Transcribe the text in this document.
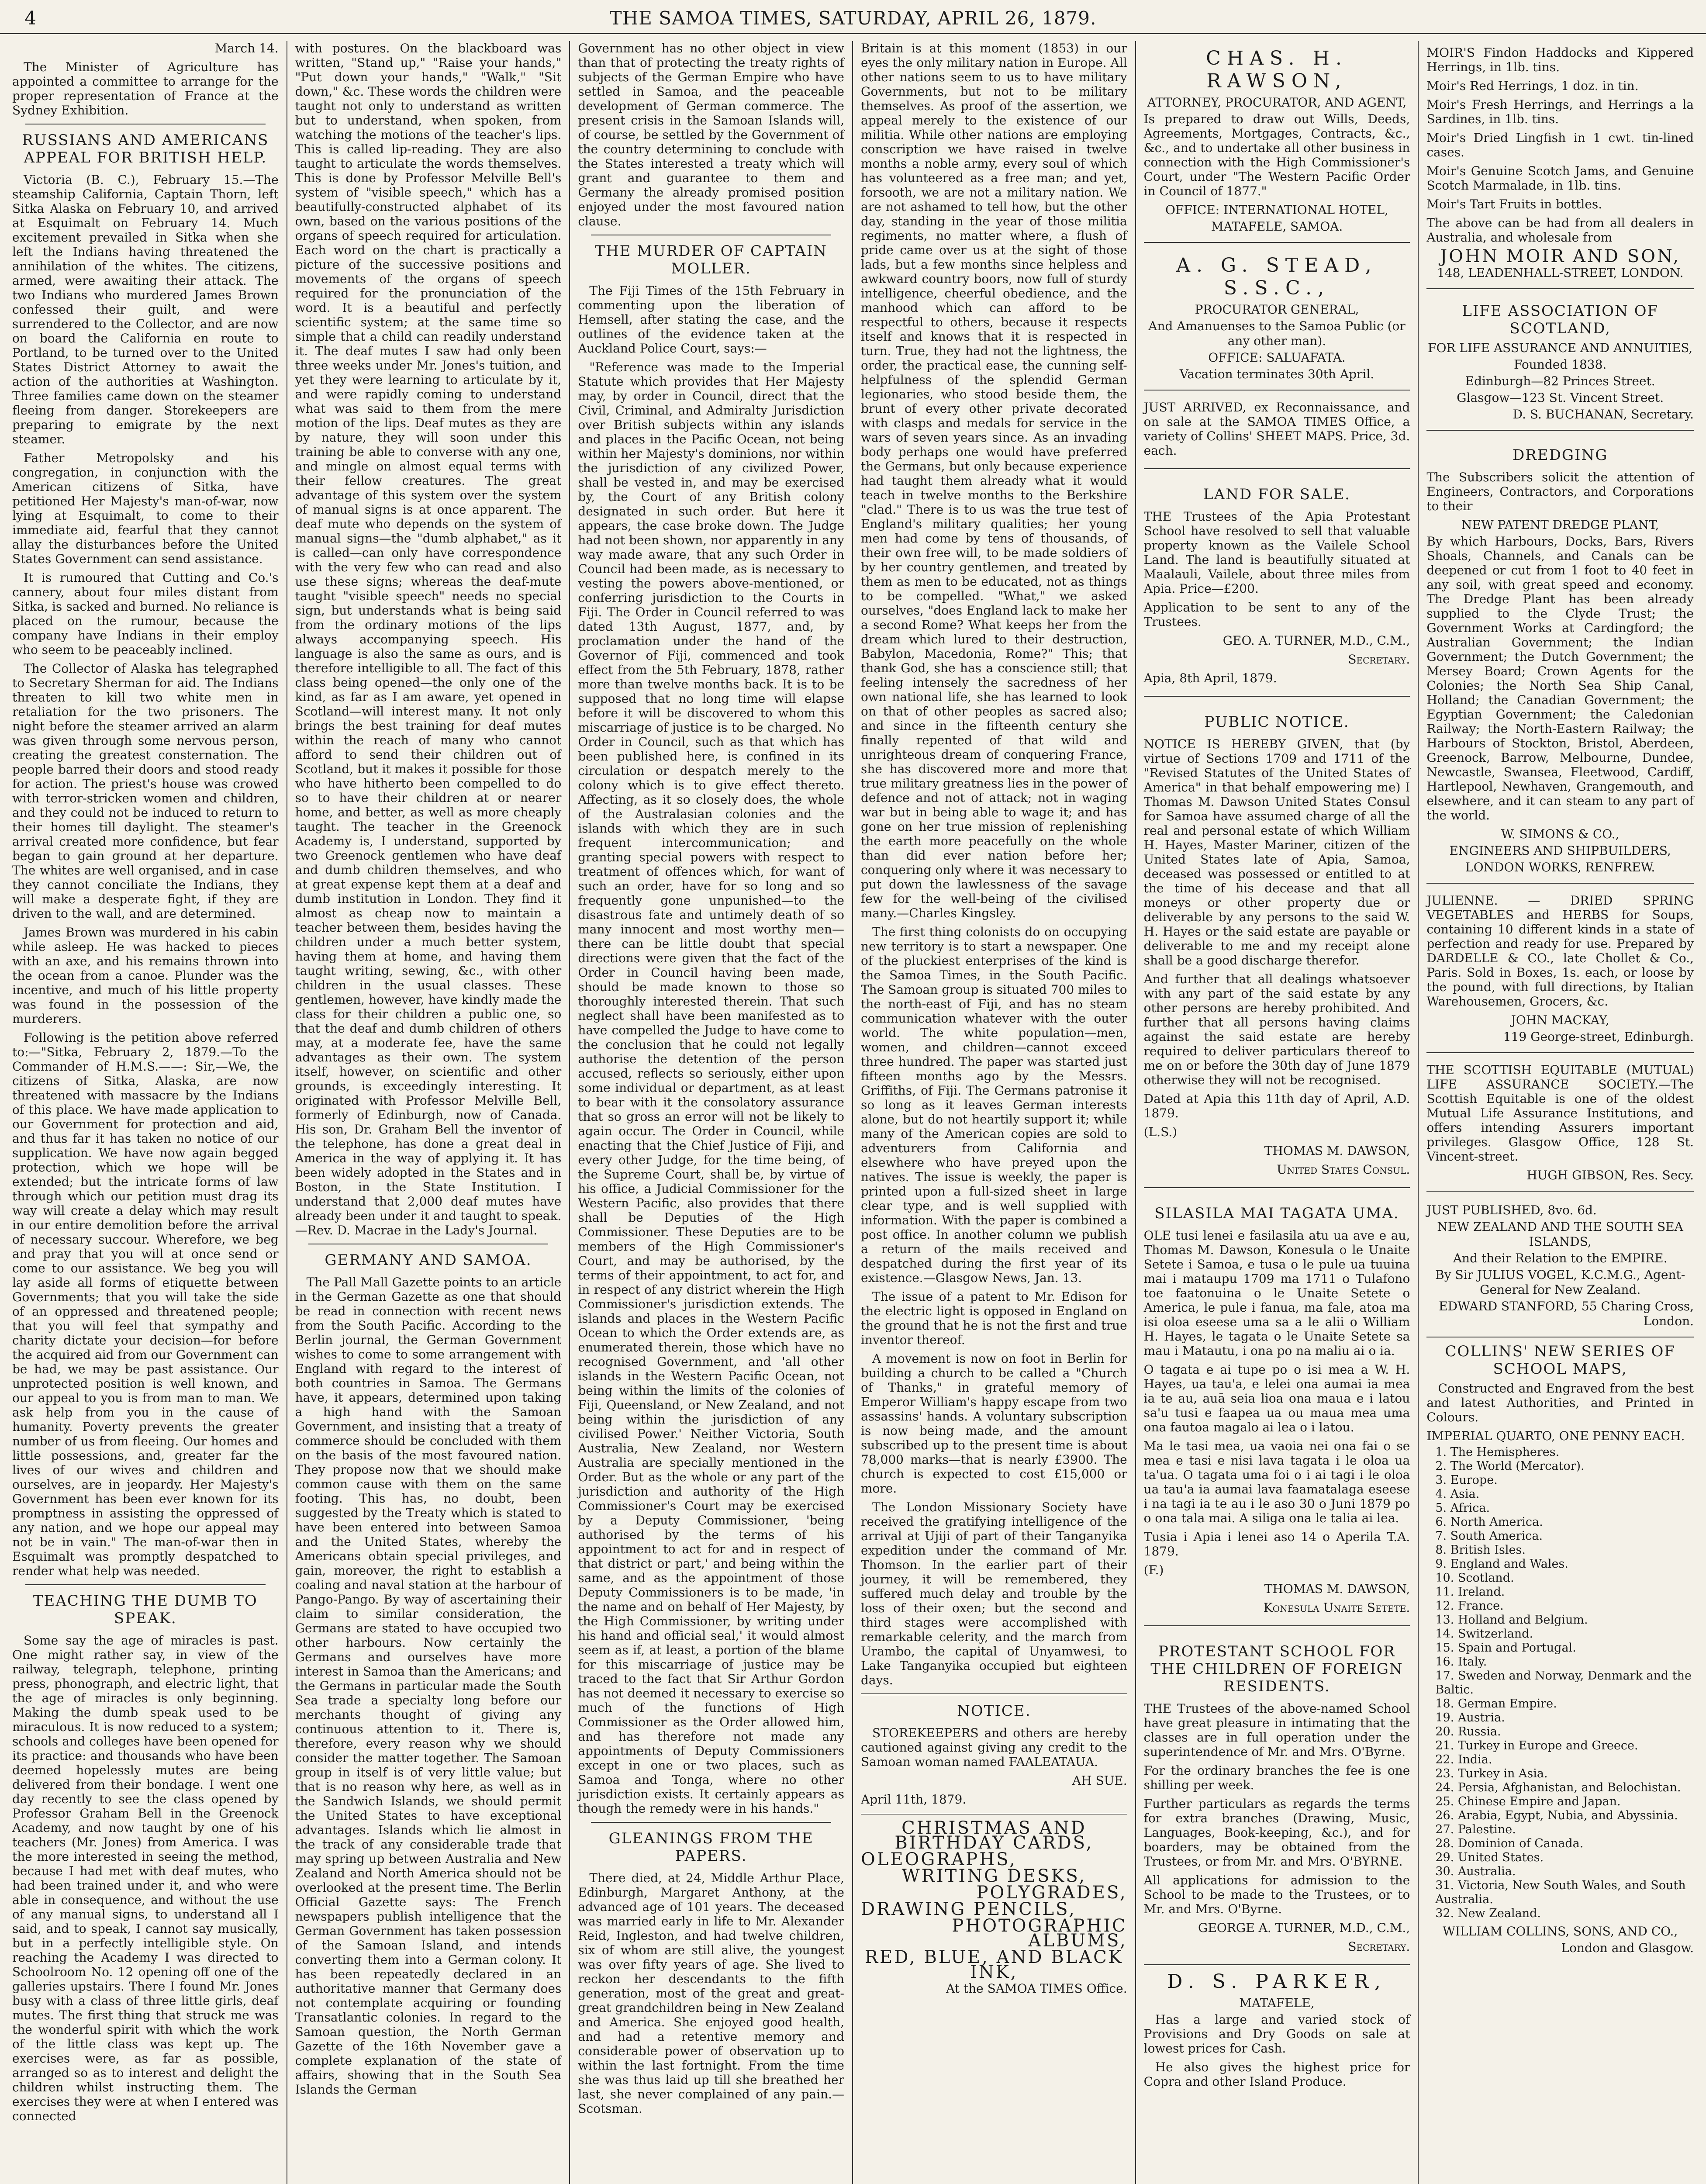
4	THE SAMOA TIMES, SATURDAY, APRIL 26, 1879.

March 14.

The Minister of Agriculture has appointed a committee to arrange for the proper representation of France at the Sydney Exhibition.

RUSSIANS AND AMERICANS APPEAL FOR BRITISH HELP.

Victoria (B. C.), February 15.—The steamship California, Captain Thorn, left Sitka Alaska on February 10, and arrived at Esquimalt on February 14. Much excitement prevailed in Sitka when she left the Indians having threatened the annihilation of the whites. The citizens, armed, were awaiting their attack. The two Indians who murdered James Brown confessed their guilt, and were surrendered to the Collector, and are now on board the California en route to Portland, to be turned over to the United States District Attorney to await the action of the authorities at Washington. Three families came down on the steamer fleeing from danger. Storekeepers are preparing to emigrate by the next steamer.

Father Metropolsky and his congregation, in conjunction with the American citizens of Sitka, have petitioned Her Majesty's man-of-war, now lying at Esquimalt, to come to their immediate aid, fearful that they cannot allay the disturbances before the United States Government can send assistance.

It is rumoured that Cutting and Co.'s cannery, about four miles distant from Sitka, is sacked and burned. No reliance is placed on the rumour, because the company have Indians in their employ who seem to be peaceably inclined.

The Collector of Alaska has telegraphed to Secretary Sherman for aid. The Indians threaten to kill two white men in retaliation for the two prisoners. The night before the steamer arrived an alarm was given through some nervous person, creating the greatest consternation. The people barred their doors and stood ready for action. The priest's house was crowed with terror-stricken women and children, and they could not be induced to return to their homes till daylight. The steamer's arrival created more confidence, but fear began to gain ground at her departure. The whites are well organised, and in case they cannot conciliate the Indians, they will make a desperate fight, if they are driven to the wall, and are determined.

James Brown was murdered in his cabin while asleep. He was hacked to pieces with an axe, and his remains thrown into the ocean from a canoe. Plunder was the incentive, and much of his little property was found in the possession of the murderers.

Following is the petition above referred to:—"Sitka, February 2, 1879.—To the Commander of H.M.S.——: Sir,—We, the citizens of Sitka, Alaska, are now threatened with massacre by the Indians of this place. We have made application to our Government for protection and aid, and thus far it has taken no notice of our supplication. We have now again begged protection, which we hope will be extended; but the intricate forms of law through which our petition must drag its way will create a delay which may result in our entire demolition before the arrival of necessary succour. Wherefore, we beg and pray that you will at once send or come to our assistance. We beg you will lay aside all forms of etiquette between Governments; that you will take the side of an oppressed and threatened people; that you will feel that sympathy and charity dictate your decision—for before the acquired aid from our Government can be had, we may be past assistance. Our unprotected position is well known, and our appeal to you is from man to man. We ask help from you in the cause of humanity. Poverty prevents the greater number of us from fleeing. Our homes and little possessions, and, greater far the lives of our wives and children and ourselves, are in jeopardy. Her Majesty's Government has been ever known for its promptness in assisting the oppressed of any nation, and we hope our appeal may not be in vain." The man-of-war then in Esquimalt was promptly despatched to render what help was needed.

TEACHING THE DUMB TO SPEAK.

Some say the age of miracles is past. One might rather say, in view of the railway, telegraph, telephone, printing press, phonograph, and electric light, that the age of miracles is only beginning. Making the dumb speak used to be miraculous. It is now reduced to a system; schools and colleges have been opened for its practice: and thousands who have been deemed hopelessly mutes are being delivered from their bondage. I went one day recently to see the class opened by Professor Graham Bell in the Greenock Academy, and now taught by one of his teachers (Mr. Jones) from America. I was the more interested in seeing the method, because I had met with deaf mutes, who had been trained under it, and who were able in consequence, and without the use of any manual signs, to understand all I said, and to speak, I cannot say musically, but in a perfectly intelligible style. On reaching the Academy I was directed to Schoolroom No. 12 opening off one of the galleries upstairs. There I found Mr. Jones busy with a class of three little girls, deaf mutes. The first thing that struck me was the wonderful spirit with which the work of the little class was kept up. The exercises were, as far as possible, arranged so as to interest and delight the children whilst instructing them. The exercises they were at when I entered was connected

with postures. On the blackboard was written, "Stand up," "Raise your hands," "Put down your hands," "Walk," "Sit down," &c. These words the children were taught not only to understand as written but to understand, when spoken, from watching the motions of the teacher's lips. This is called lip-reading. They are also taught to articulate the words themselves. This is done by Professor Melville Bell's system of "visible speech," which has a beautifully-constructed alphabet of its own, based on the various positions of the organs of speech required for articulation. Each word on the chart is practically a picture of the successive positions and movements of the organs of speech required for the pronunciation of the word. It is a beautiful and perfectly scientific system; at the same time so simple that a child can readily understand it. The deaf mutes I saw had only been three weeks under Mr. Jones's tuition, and yet they were learning to articulate by it, and were rapidly coming to understand what was said to them from the mere motion of the lips. Deaf mutes as they are by nature, they will soon under this training be able to converse with any one, and mingle on almost equal terms with their fellow creatures. The great advantage of this system over the system of manual signs is at once apparent. The deaf mute who depends on the system of manual signs—the "dumb alphabet," as it is called—can only have correspondence with the very few who can read and also use these signs; whereas the deaf-mute taught "visible speech" needs no special sign, but understands what is being said from the ordinary motions of the lips always accompanying speech. His language is also the same as ours, and is therefore intelligible to all. The fact of this class being opened—the only one of the kind, as far as I am aware, yet opened in Scotland—will interest many. It not only brings the best training for deaf mutes within the reach of many who cannot afford to send their children out of Scotland, but it makes it possible for those who have hitherto been compelled to do so to have their children at or nearer home, and better, as well as more cheaply taught. The teacher in the Greenock Academy is, I understand, supported by two Greenock gentlemen who have deaf and dumb children themselves, and who at great expense kept them at a deaf and dumb institution in London. They find it almost as cheap now to maintain a teacher between them, besides having the children under a much better system, having them at home, and having them taught writing, sewing, &c., with other children in the usual classes. These gentlemen, however, have kindly made the class for their children a public one, so that the deaf and dumb children of others may, at a moderate fee, have the same advantages as their own. The system itself, however, on scientific and other grounds, is exceedingly interesting. It originated with Professor Melville Bell, formerly of Edinburgh, now of Canada. His son, Dr. Graham Bell the inventor of the telephone, has done a great deal in America in the way of applying it. It has been widely adopted in the States and in Boston, in the State Institution. I understand that 2,000 deaf mutes have already been under it and taught to speak.—Rev. D. Macrae in the Lady's Journal.

GERMANY AND SAMOA.

The Pall Mall Gazette points to an article in the German Gazette as one that should be read in connection with recent news from the South Pacific. According to the Berlin journal, the German Government wishes to come to some arrangement with England with regard to the interest of both countries in Samoa. The Germans have, it appears, determined upon taking a high hand with the Samoan Government, and insisting that a treaty of commerce should be concluded with them on the basis of the most favoured nation. They propose now that we should make common cause with them on the same footing. This has, no doubt, been suggested by the Treaty which is stated to have been entered into between Samoa and the United States, whereby the Americans obtain special privileges, and gain, moreover, the right to establish a coaling and naval station at the harbour of Pango-Pango. By way of ascertaining their claim to similar consideration, the Germans are stated to have occupied two other harbours. Now certainly the Germans and ourselves have more interest in Samoa than the Americans; and the Germans in particular made the South Sea trade a specialty long before our merchants thought of giving any continuous attention to it. There is, therefore, every reason why we should consider the matter together. The Samoan group in itself is of very little value; but that is no reason why here, as well as in the Sandwich Islands, we should permit the United States to have exceptional advantages. Islands which lie almost in the track of any considerable trade that may spring up between Australia and New Zealand and North America should not be overlooked at the present time. The Berlin Official Gazette says: The French newspapers publish intelligence that the German Government has taken possession of the Samoan Island, and intends converting them into a German colony. It has been repeatedly declared in an authoritative manner that Germany does not contemplate acquiring or founding Transatlantic colonies. In regard to the Samoan question, the North German Gazette of the 16th November gave a complete explanation of the state of affairs, showing that in the South Sea Islands the German

Government has no other object in view than that of protecting the treaty rights of subjects of the German Empire who have settled in Samoa, and the peaceable development of German commerce. The present crisis in the Samoan Islands will, of course, be settled by the Government of the country determining to conclude with the States interested a treaty which will grant and guarantee to them and Germany the already promised position enjoyed under the most favoured nation clause.

THE MURDER OF CAPTAIN MOLLER.

The Fiji Times of the 15th February in commenting upon the liberation of Hemsell, after stating the case, and the outlines of the evidence taken at the Auckland Police Court, says:—

"Reference was made to the Imperial Statute which provides that Her Majesty may, by order in Council, direct that the Civil, Criminal, and Admiralty Jurisdiction over British subjects within any islands and places in the Pacific Ocean, not being within her Majesty's dominions, nor within the jurisdiction of any civilized Power, shall be vested in, and may be exercised by, the Court of any British colony designated in such order. But here it appears, the case broke down. The Judge had not been shown, nor apparently in any way made aware, that any such Order in Council had been made, as is necessary to vesting the powers above-mentioned, or conferring jurisdiction to the Courts in Fiji. The Order in Council referred to was dated 13th August, 1877, and, by proclamation under the hand of the Governor of Fiji, commenced and took effect from the 5th February, 1878, rather more than twelve months back. It is to be supposed that no long time will elapse before it will be discovered to whom this miscarriage of justice is to be charged. No Order in Council, such as that which has been published here, is confined in its circulation or despatch merely to the colony which is to give effect thereto. Affecting, as it so closely does, the whole of the Australasian colonies and the islands with which they are in such frequent intercommunication; and granting special powers with respect to treatment of offences which, for want of such an order, have for so long and so frequently gone unpunished—to the disastrous fate and untimely death of so many innocent and most worthy men—there can be little doubt that special directions were given that the fact of the Order in Council having been made, should be made known to those so thoroughly interested therein. That such neglect shall have been manifested as to have compelled the Judge to have come to the conclusion that he could not legally authorise the detention of the person accused, reflects so seriously, either upon some individual or department, as at least to bear with it the consolatory assurance that so gross an error will not be likely to again occur. The Order in Council, while enacting that the Chief Justice of Fiji, and every other Judge, for the time being, of the Supreme Court, shall be, by virtue of his office, a Judicial Commissioner for the Western Pacific, also provides that there shall be Deputies of the High Commissioner. These Deputies are to be members of the High Commissioner's Court, and may be authorised, by the terms of their appointment, to act for, and in respect of any district wherein the High Commissioner's jurisdiction extends. The islands and places in the Western Pacific Ocean to which the Order extends are, as enumerated therein, those which have no recognised Government, and 'all other islands in the Western Pacific Ocean, not being within the limits of the colonies of Fiji, Queensland, or New Zealand, and not being within the jurisdiction of any civilised Power.' Neither Victoria, South Australia, New Zealand, nor Western Australia are specially mentioned in the Order. But as the whole or any part of the jurisdiction and authority of the High Commissioner's Court may be exercised by a Deputy Commissioner, 'being authorised by the terms of his appointment to act for and in respect of that district or part,' and being within the same, and as the appointment of those Deputy Commissioners is to be made, 'in the name and on behalf of Her Majesty, by the High Commissioner, by writing under his hand and official seal,' it would almost seem as if, at least, a portion of the blame for this miscarriage of justice may be traced to the fact that Sir Arthur Gordon has not deemed it necessary to exercise so much of the functions of High Commissioner as the Order allowed him, and has therefore not made any appointments of Deputy Commissioners except in one or two places, such as Samoa and Tonga, where no other jurisdiction exists. It certainly appears as though the remedy were in his hands."

GLEANINGS FROM THE PAPERS.

There died, at 24, Middle Arthur Place, Edinburgh, Margaret Anthony, at the advanced age of 101 years. The deceased was married early in life to Mr. Alexander Reid, Ingleston, and had twelve children, six of whom are still alive, the youngest was over fifty years of age. She lived to reckon her descendants to the fifth generation, most of the great and great-great grandchildren being in New Zealand and America. She enjoyed good health, and had a retentive memory and considerable power of observation up to within the last fortnight. From the time she was thus laid up till she breathed her last, she never complained of any pain.—Scotsman.

Britain is at this moment (1853) in our eyes the only military nation in Europe. All other nations seem to us to have military Governments, but not to be military themselves. As proof of the assertion, we appeal merely to the existence of our militia. While other nations are employing conscription we have raised in twelve months a noble army, every soul of which has volunteered as a free man; and yet, forsooth, we are not a military nation. We are not ashamed to tell how, but the other day, standing in the year of those militia regiments, no matter where, a flush of pride came over us at the sight of those lads, but a few months since helpless and awkward country boors, now full of sturdy intelligence, cheerful obedience, and the manhood which can afford to be respectful to others, because it respects itself and knows that it is respected in turn. True, they had not the lightness, the order, the practical ease, the cunning self-helpfulness of the splendid German legionaries, who stood beside them, the brunt of every other private decorated with clasps and medals for service in the wars of seven years since. As an invading body perhaps one would have preferred the Germans, but only because experience had taught them already what it would teach in twelve months to the Berkshire "clad." There is to us was the true test of England's military qualities; her young men had come by tens of thousands, of their own free will, to be made soldiers of by her country gentlemen, and treated by them as men to be educated, not as things to be compelled. "What," we asked ourselves, "does England lack to make her a second Rome? What keeps her from the dream which lured to their destruction, Babylon, Macedonia, Rome?" This; that thank God, she has a conscience still; that feeling intensely the sacredness of her own national life, she has learned to look on that of other peoples as sacred also; and since in the fifteenth century she finally repented of that wild and unrighteous dream of conquering France, she has discovered more and more that true military greatness lies in the power of defence and not of attack; not in waging war but in being able to wage it; and has gone on her true mission of replenishing the earth more peacefully on the whole than did ever nation before her; conquering only where it was necessary to put down the lawlessness of the savage few for the well-being of the civilised many.—Charles Kingsley.

The first thing colonists do on occupying new territory is to start a newspaper. One of the pluckiest enterprises of the kind is the Samoa Times, in the South Pacific. The Samoan group is situated 700 miles to the north-east of Fiji, and has no steam communication whatever with the outer world. The white population—men, women, and children—cannot exceed three hundred. The paper was started just fifteen months ago by the Messrs. Griffiths, of Fiji. The Germans patronise it so long as it leaves German interests alone, but do not heartily support it; while many of the American copies are sold to adventurers from California and elsewhere who have preyed upon the natives. The issue is weekly, the paper is printed upon a full-sized sheet in large clear type, and is well supplied with information. With the paper is combined a post office. In another column we publish a return of the mails received and despatched during the first year of its existence.—Glasgow News, Jan. 13.

The issue of a patent to Mr. Edison for the electric light is opposed in England on the ground that he is not the first and true inventor thereof.

A movement is now on foot in Berlin for building a church to be called a "Church of Thanks," in grateful memory of Emperor William's happy escape from two assassins' hands. A voluntary subscription is now being made, and the amount subscribed up to the present time is about 78,000 marks—that is nearly £3900. The church is expected to cost £15,000 or more.

The London Missionary Society have received the gratifying intelligence of the arrival at Ujiji of part of their Tanganyika expedition under the command of Mr. Thomson. In the earlier part of their journey, it will be remembered, they suffered much delay and trouble by the loss of their oxen; but the second and third stages were accomplished with remarkable celerity, and the march from Urambo, the capital of Unyamwesi, to Lake Tanganyika occupied but eighteen days.

NOTICE.

STOREKEEPERS and others are hereby cautioned against giving any credit to the Samoan woman named FAALEATAUA.

AH SUE.

April 11th, 1879.

CHRISTMAS AND BIRTHDAY CARDS,
OLEOGRAPHS,
WRITING DESKS,
POLYGRADES,
DRAWING PENCILS,
PHOTOGRAPHIC ALBUMS,
RED, BLUE, AND BLACK INK,
At the SAMOA TIMES Office.
CHAS. H. RAWSON,
ATTORNEY, PROCURATOR, AND AGENT,

Is prepared to draw out Wills, Deeds, Agreements, Mortgages, Contracts, &c., &c., and to undertake all other business in connection with the High Commissioner's Court, under "The Western Pacific Order in Council of 1877."

OFFICE: INTERNATIONAL HOTEL,
MATAFELE, SAMOA.
A. G. STEAD, S.S.C.,
PROCURATOR GENERAL,
And Amanuenses to the Samoa Public (or any other man).
OFFICE: SALUAFATA.
Vacation terminates 30th April.

JUST ARRIVED, ex Reconnaissance, and on sale at the SAMOA TIMES Office, a variety of Collins' SHEET MAPS. Price, 3d. each.

LAND FOR SALE.

THE Trustees of the Apia Protestant School have resolved to sell that valuable property known as the Vailele School Land. The land is beautifully situated at Maalauli, Vailele, about three miles from Apia. Price—£200.

Application to be sent to any of the Trustees.

GEO. A. TURNER, M.D., C.M.,

Secretary.

Apia, 8th April, 1879.

PUBLIC NOTICE.

NOTICE IS HEREBY GIVEN, that (by virtue of Sections 1709 and 1711 of the "Revised Statutes of the United States of America" in that behalf empowering me) I Thomas M. Dawson United States Consul for Samoa have assumed charge of all the real and personal estate of which William H. Hayes, Master Mariner, citizen of the United States late of Apia, Samoa, deceased was possessed or entitled to at the time of his decease and that all moneys or other property due or deliverable by any persons to the said W. H. Hayes or the said estate are payable or deliverable to me and my receipt alone shall be a good discharge therefor.

And further that all dealings whatsoever with any part of the said estate by any other persons are hereby prohibited. And further that all persons having claims against the said estate are hereby required to deliver particulars thereof to me on or before the 30th day of June 1879 otherwise they will not be recognised.

Dated at Apia this 11th day of April, A.D. 1879.

(L.S.)

THOMAS M. DAWSON,

United States Consul.

SILASILA MAI TAGATA UMA.

OLE tusi lenei e fasilasila atu ua ave e au, Thomas M. Dawson, Konesula o le Unaite Setete i Samoa, e tusa o le pule ua tuuina mai i mataupu 1709 ma 1711 o Tulafono toe faatonuina o le Unaite Setete o America, le pule i fanua, ma fale, atoa ma isi oloa eseese uma sa a le alii o William H. Hayes, le tagata o le Unaite Setete sa mau i Matautu, i ona po na maliu ai o ia.

O tagata e ai tupe po o isi mea a W. H. Hayes, ua tau'a, e lelei ona aumai ia mea ia te au, auā seia lioa ona maua e i latou sa'u tusi e faapea ua ou maua mea uma ona fautoa magalo ai lea o i latou.

Ma le tasi mea, ua vaoia nei ona fai o se mea e tasi e nisi lava tagata i le oloa ua ta'ua. O tagata uma foi o i ai tagi i le oloa ua tau'a ia aumai lava faamatalaga eseese i na tagi ia te au i le aso 30 o Juni 1879 po o ona tala mai. A siliga ona le talia ai lea.

Tusia i Apia i lenei aso 14 o Aperila T.A. 1879.

(F.)

THOMAS M. DAWSON,

Konesula Unaite Setete.

PROTESTANT SCHOOL FOR THE CHILDREN OF FOREIGN RESIDENTS.

THE Trustees of the above-named School have great pleasure in intimating that the classes are in full operation under the superintendence of Mr. and Mrs. O'Byrne.

For the ordinary branches the fee is one shilling per week.

Further particulars as regards the terms for extra branches (Drawing, Music, Languages, Book-keeping, &c.), and for boarders, may be obtained from the Trustees, or from Mr. and Mrs. O'BYRNE.

All applications for admission to the School to be made to the Trustees, or to Mr. and Mrs. O'Byrne.

GEORGE A. TURNER, M.D., C.M.,

Secretary.

D. S. PARKER,
MATAFELE,

Has a large and varied stock of Provisions and Dry Goods on sale at lowest prices for Cash.

He also gives the highest price for Copra and other Island Produce.

MOIR'S Findon Haddocks and Kippered Herrings, in 1lb. tins.

Moir's Red Herrings, 1 doz. in tin.

Moir's Fresh Herrings, and Herrings a la Sardines, in 1lb. tins.

Moir's Dried Lingfish in 1 cwt. tin-lined cases.

Moir's Genuine Scotch Jams, and Genuine Scotch Marmalade, in 1lb. tins.

Moir's Tart Fruits in bottles.

The above can be had from all dealers in Australia, and wholesale from

JOHN MOIR AND SON,
148, LEADENHALL-STREET, LONDON.
LIFE ASSOCIATION OF SCOTLAND,
FOR LIFE ASSURANCE AND ANNUITIES,
Founded 1838.
Edinburgh—82 Princes Street.
Glasgow—123 St. Vincent Street.
D. S. BUCHANAN, Secretary.
DREDGING

The Subscribers solicit the attention of Engineers, Contractors, and Corporations to their

NEW PATENT DREDGE PLANT,

By which Harbours, Docks, Bars, Rivers Shoals, Channels, and Canals can be deepened or cut from 1 foot to 40 feet in any soil, with great speed and economy. The Dredge Plant has been already supplied to the Clyde Trust; the Government Works at Cardingford; the Australian Government; the Indian Government; the Dutch Government; the Mersey Board; Crown Agents for the Colonies; the North Sea Ship Canal, Holland; the Canadian Government; the Egyptian Government; the Caledonian Railway; the North-Eastern Railway; the Harbours of Stockton, Bristol, Aberdeen, Greenock, Barrow, Melbourne, Dundee, Newcastle, Swansea, Fleetwood, Cardiff, Hartlepool, Newhaven, Grangemouth, and elsewhere, and it can steam to any part of the world.

W. SIMONS & CO.,
ENGINEERS AND SHIPBUILDERS,
LONDON WORKS, RENFREW.

JULIENNE. — DRIED SPRING VEGETABLES and HERBS for Soups, containing 10 different kinds in a state of perfection and ready for use. Prepared by DARDELLE & CO., late Chollet & Co., Paris. Sold in Boxes, 1s. each, or loose by the pound, with full directions, by Italian Warehousemen, Grocers, &c.

JOHN MACKAY,
119 George-street, Edinburgh.

THE SCOTTISH EQUITABLE (MUTUAL) LIFE ASSURANCE SOCIETY.—The Scottish Equitable is one of the oldest Mutual Life Assurance Institutions, and offers intending Assurers important privileges. Glasgow Office, 128 St. Vincent-street.

HUGH GIBSON, Res. Secy.
JUST PUBLISHED, 8vo. 6d.
NEW ZEALAND AND THE SOUTH SEA ISLANDS,
And their Relation to the EMPIRE.
By Sir JULIUS VOGEL, K.C.M.G., Agent-General for New Zealand.
EDWARD STANFORD, 55 Charing Cross, London.
COLLINS' NEW SERIES OF SCHOOL MAPS,

Constructed and Engraved from the best and latest Authorities, and Printed in Colours.

IMPERIAL QUARTO, ONE PENNY EACH.
1. The Hemispheres.
2. The World (Mercator).
3. Europe.
4. Asia.
5. Africa.
6. North America.
7. South America.
8. British Isles.
9. England and Wales.
10. Scotland.
11. Ireland.
12. France.
13. Holland and Belgium.
14. Switzerland.
15. Spain and Portugal.
16. Italy.
17. Sweden and Norway, Denmark and the Baltic.
18. German Empire.
19. Austria.
20. Russia.
21. Turkey in Europe and Greece.
22. India.
23. Turkey in Asia.
24. Persia, Afghanistan, and Belochistan.
25. Chinese Empire and Japan.
26. Arabia, Egypt, Nubia, and Abyssinia.
27. Palestine.
28. Dominion of Canada.
29. United States.
30. Australia.
31. Victoria, New South Wales, and South Australia.
32. New Zealand.
WILLIAM COLLINS, SONS, AND CO.,
London and Glasgow.
